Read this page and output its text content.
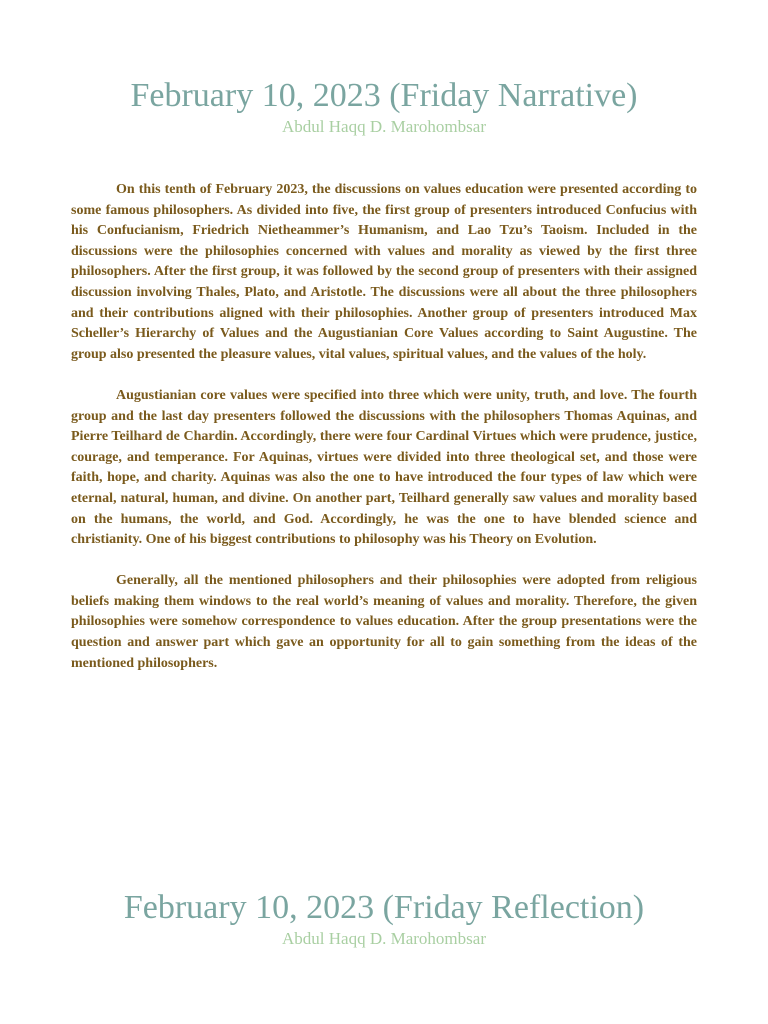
February 10, 2023 (Friday Narrative)
Abdul Haqq D. Marohombsar

On this tenth of February 2023, the discussions on values education were presented according to some famous philosophers. As divided into five, the first group of presenters introduced Confucius with his Confucianism, Friedrich Nietheammer’s Humanism, and Lao Tzu’s Taoism. Included in the discussions were the philosophies concerned with values and morality as viewed by the first three philosophers. After the first group, it was followed by the second group of presenters with their assigned discussion involving Thales, Plato, and Aristotle. The discussions were all about the three philosophers and their contributions aligned with their philosophies. Another group of presenters introduced Max Scheller’s Hierarchy of Values and the Augustianian Core Values according to Saint Augustine. The group also presented the pleasure values, vital values, spiritual values, and the values of the holy.

Augustianian core values were specified into three which were unity, truth, and love. The fourth group and the last day presenters followed the discussions with the philosophers Thomas Aquinas, and Pierre Teilhard de Chardin. Accordingly, there were four Cardinal Virtues which were prudence, justice, courage, and temperance. For Aquinas, virtues were divided into three theological set, and those were faith, hope, and charity. Aquinas was also the one to have introduced the four types of law which were eternal, natural, human, and divine. On another part, Teilhard generally saw values and morality based on the humans, the world, and God. Accordingly, he was the one to have blended science and christianity. One of his biggest contributions to philosophy was his Theory on Evolution.

Generally, all the mentioned philosophers and their philosophies were adopted from religious beliefs making them windows to the real world’s meaning of values and morality. Therefore, the given philosophies were somehow correspondence to values education. After the group presentations were the question and answer part which gave an opportunity for all to gain something from the ideas of the mentioned philosophers.

February 10, 2023 (Friday Reflection)
Abdul Haqq D. Marohombsar
